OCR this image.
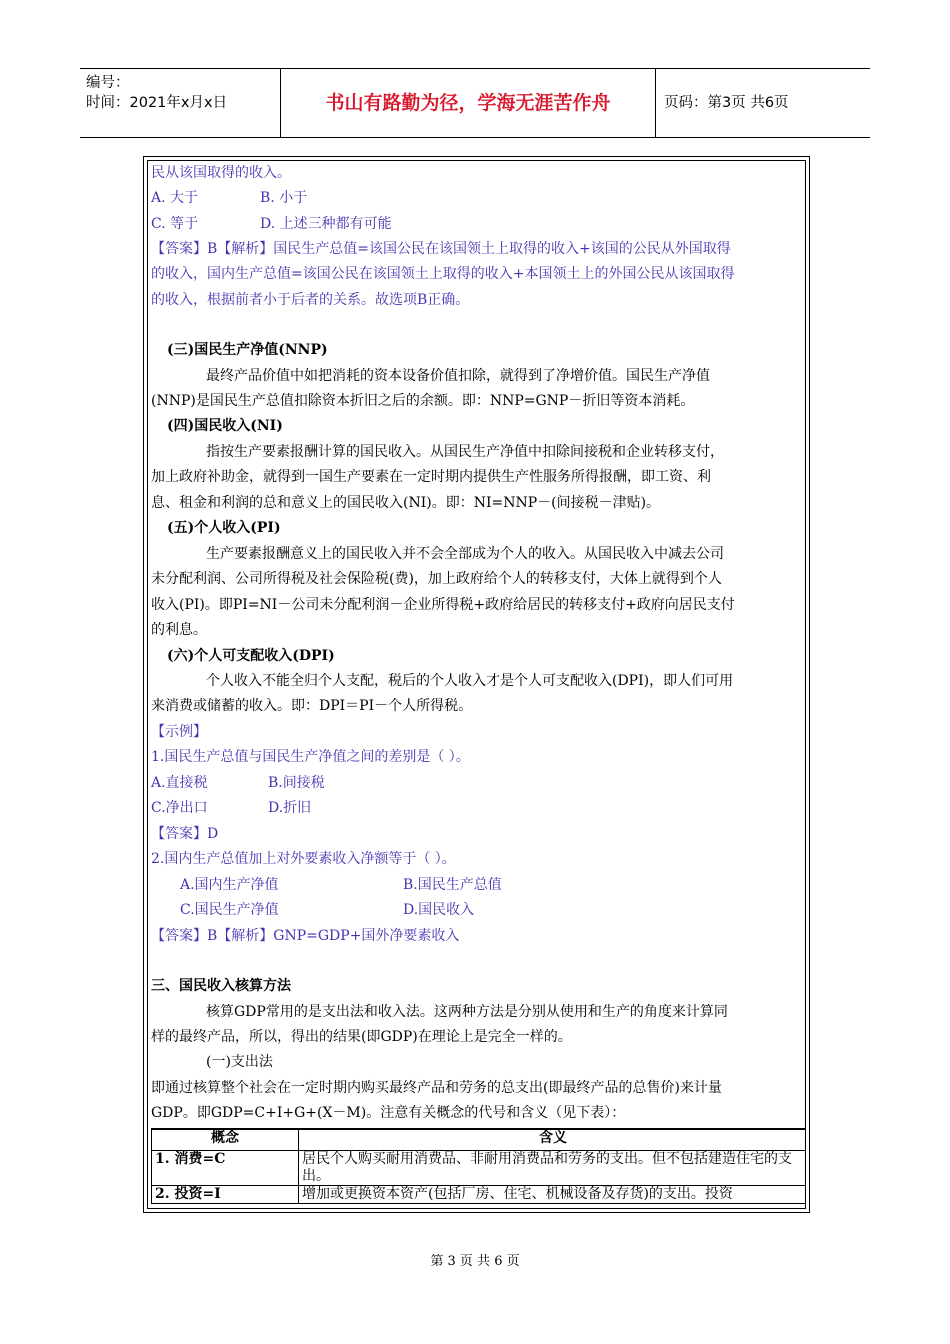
编号：
时间：2021年x月x日	书山有路勤为径，学海无涯苦作舟	页码：第3页 共6页
民从该国取得的收入。
A. 大于	B. 小于
C. 等于	D. 上述三种都有可能
【答案】B【解析】国民生产总值=该国公民在该国领土上取得的收入+该国的公民从外国取得
的收入，国内生产总值=该国公民在该国领土上取得的收入+本国领土上的外国公民从该国取得
的收入，根据前者小于后者的关系。故选项B正确。
(三)国民生产净值(NNP)
最终产品价值中如把消耗的资本设备价值扣除，就得到了净增价值。国民生产净值
(NNP)是国民生产总值扣除资本折旧之后的余额。即：NNP=GNP－折旧等资本消耗。
(四)国民收入(NI)
指按生产要素报酬计算的国民收入。从国民生产净值中扣除间接税和企业转移支付，
加上政府补助金，就得到一国生产要素在一定时期内提供生产性服务所得报酬，即工资、利
息、租金和利润的总和意义上的国民收入(NI)。即：NI=NNP－(间接税－津贴)。
(五)个人收入(PI)
生产要素报酬意义上的国民收入并不会全部成为个人的收入。从国民收入中减去公司
未分配利润、公司所得税及社会保险税(费)，加上政府给个人的转移支付，大体上就得到个人
收入(PI)。即PI=NI－公司未分配利润－企业所得税+政府给居民的转移支付+政府向居民支付
的利息。
(六)个人可支配收入(DPI)
个人收入不能全归个人支配，税后的个人收入才是个人可支配收入(DPI)，即人们可用
来消费或储蓄的收入。即：DPI＝PI－个人所得税。
【示例】
1.国民生产总值与国民生产净值之间的差别是（ ）。
A.直接税	B.间接税
C.净出口	D.折旧
【答案】D
2.国内生产总值加上对外要素收入净额等于（ ）。
A.国内生产净值	B.国民生产总值
C.国民生产净值	D.国民收入
【答案】B【解析】GNP=GDP+国外净要素收入
三、国民收入核算方法
核算GDP常用的是支出法和收入法。这两种方法是分别从使用和生产的角度来计算同
样的最终产品，所以，得出的结果(即GDP)在理论上是完全一样的。
(一)支出法
即通过核算整个社会在一定时期内购买最终产品和劳务的总支出(即最终产品的总售价)来计量
GDP。即GDP=C+I+G+(X－M)。注意有关概念的代号和含义（见下表）：
概念	含义
1. 消费=C	居民个人购买耐用消费品、非耐用消费品和劳务的支出。但不包括建造住宅的支出。
2. 投资=I	增加或更换资本资产(包括厂房、住宅、机械设备及存货)的支出。投资
第 3 页 共 6 页
